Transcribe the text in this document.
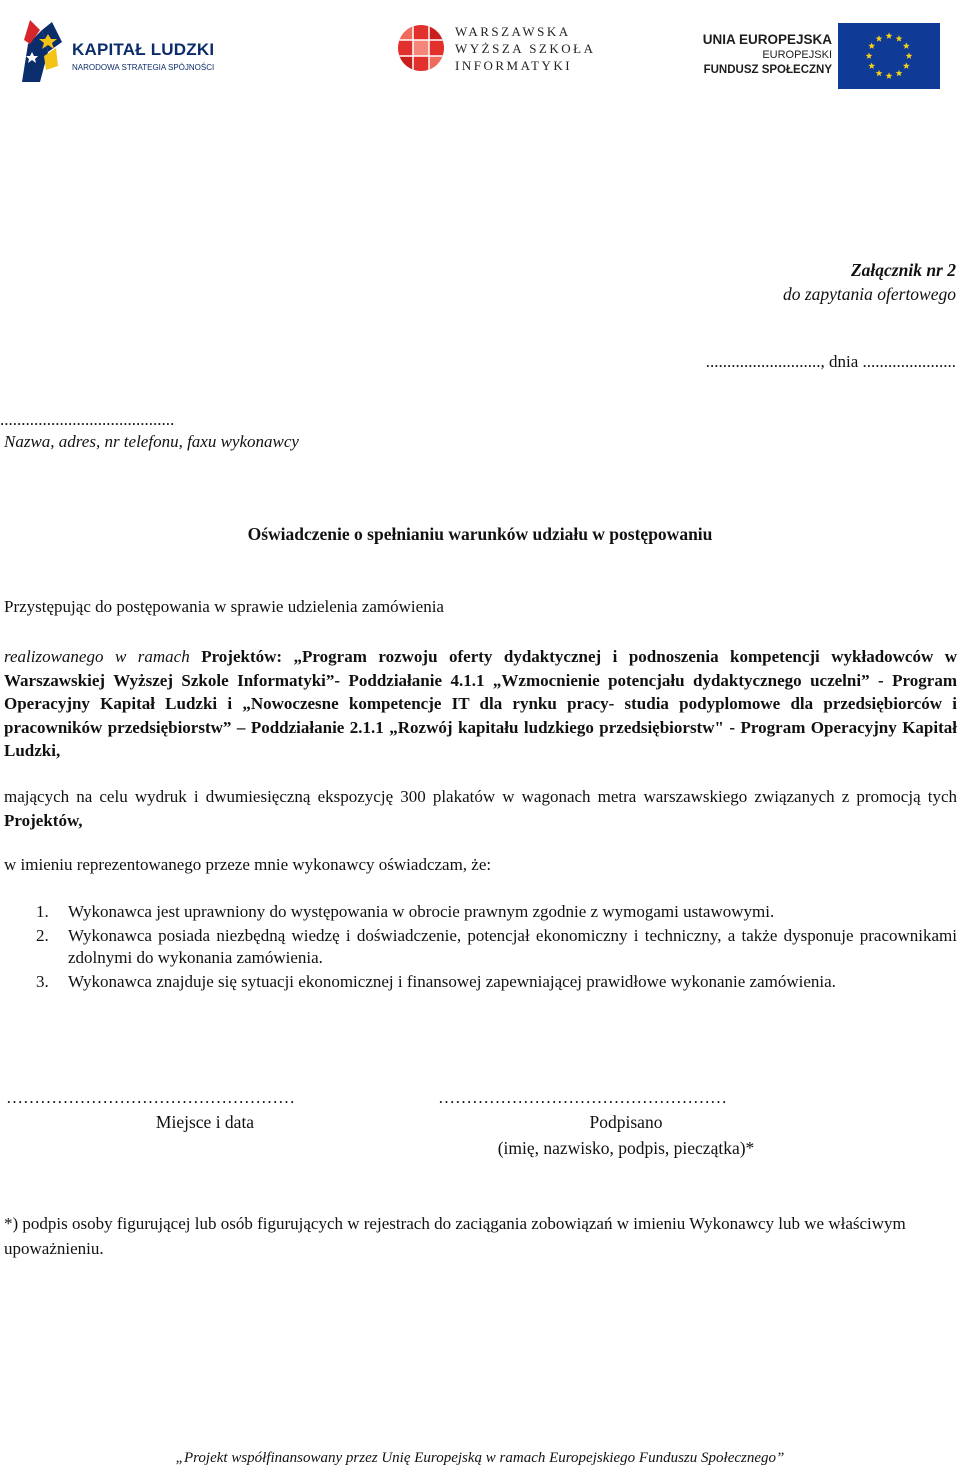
KAPITAŁ LUDZKI
NARODOWA STRATEGIA SPÓJNOŚCI
WARSZAWSKA
WYŻSZA SZKOŁA
INFORMATYKI
UNIA EUROPEJSKA
EUROPEJSKI
FUNDUSZ SPOŁECZNY
Załącznik nr 2
do zapytania ofertowego
..........................., dnia ......................
.........................................
Nazwa, adres, nr telefonu, faxu wykonawcy
Oświadczenie o spełnianiu warunków udziału w postępowaniu
Przystępując do postępowania w sprawie udzielenia zamówienia
realizowanego w ramach Projektów: „Program rozwoju oferty dydaktycznej i podnoszenia kompetencji wykładowców w Warszawskiej Wyższej Szkole Informatyki”- Poddziałanie 4.1.1 „Wzmocnienie potencjału dydaktycznego uczelni” - Program Operacyjny Kapitał Ludzki i „Nowoczesne kompetencje IT dla rynku pracy- studia podyplomowe dla przedsiębiorców i pracowników przedsiębiorstw” – Poddziałanie 2.1.1 „Rozwój kapitału ludzkiego przedsiębiorstw" - Program Operacyjny Kapitał Ludzki,
mających na celu wydruk i dwumiesięczną ekspozycję 300 plakatów w wagonach metra warszawskiego związanych z promocją tych Projektów,
w imieniu reprezentowanego przeze mnie wykonawcy oświadczam, że:
1. Wykonawca jest uprawniony do występowania w obrocie prawnym zgodnie z wymogami ustawowymi.
2. Wykonawca posiada niezbędną wiedzę i doświadczenie, potencjał ekonomiczny i techniczny, a także dysponuje pracownikami zdolnymi do wykonania zamówienia.
3. Wykonawca znajduje się sytuacji ekonomicznej i finansowej zapewniającej prawidłowe wykonanie zamówienia.
……………………………………………
Miejsce i data
……………………………………………
Podpisano
(imię, nazwisko, podpis, pieczątka)*
*) podpis osoby figurującej lub osób figurujących w rejestrach do zaciągania zobowiązań w imieniu Wykonawcy lub we właściwym upoważnieniu.
„Projekt współfinansowany przez Unię Europejską w ramach Europejskiego Funduszu Społecznego”
